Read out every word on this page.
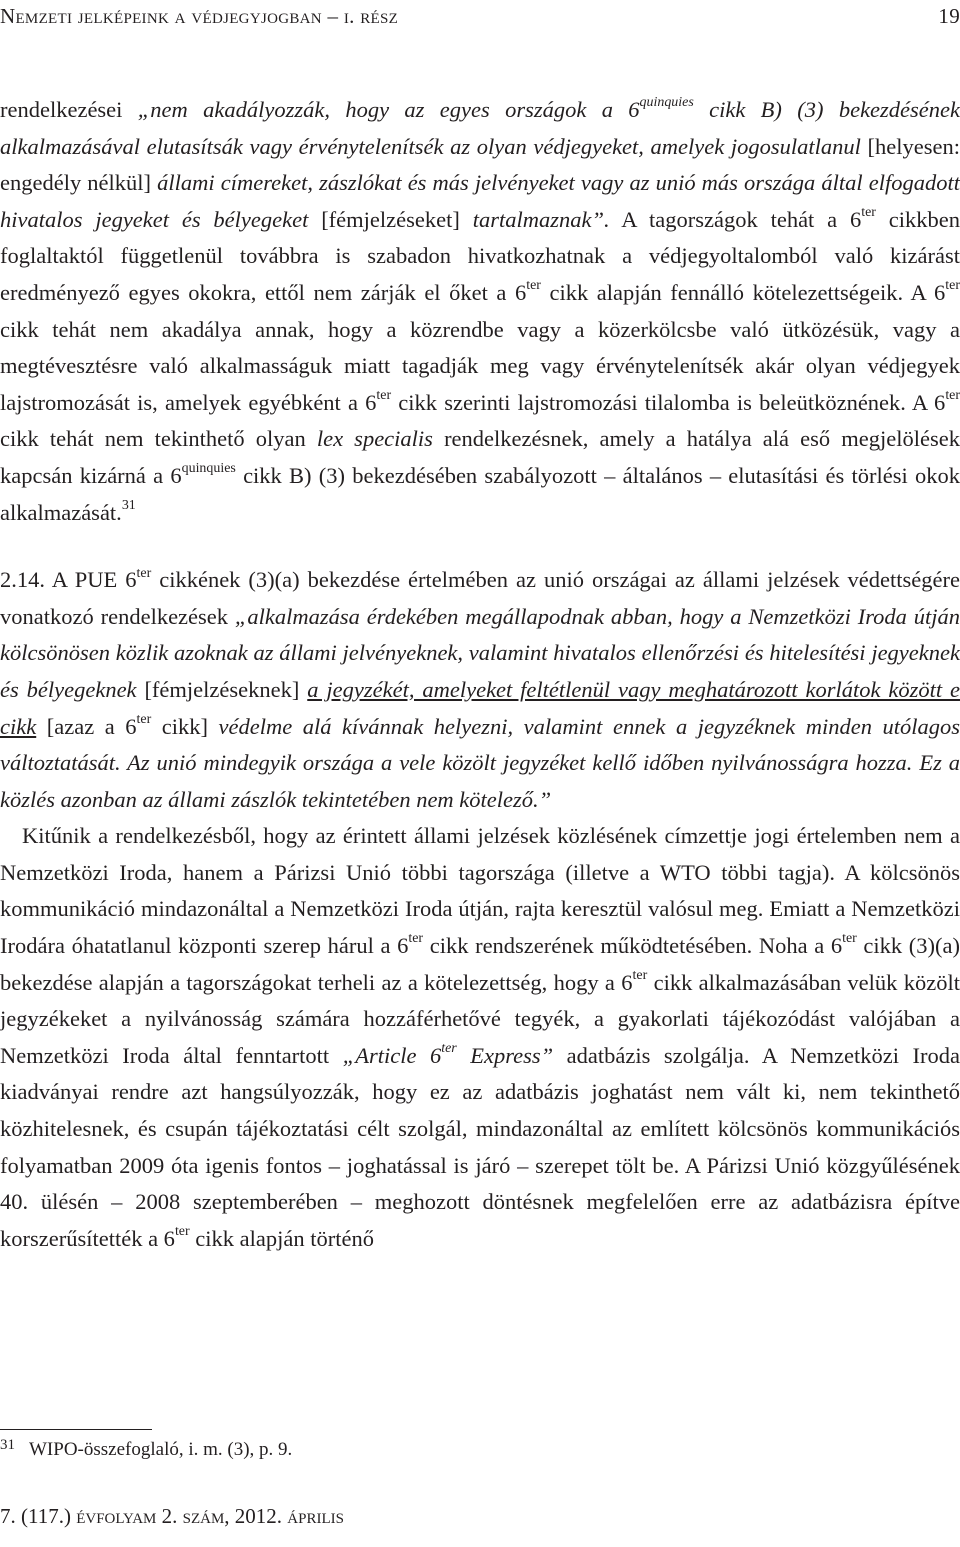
Nemzeti jelképeink a védjegyjogban – i. rész	19

rendelkezései „nem akadályozzák, hogy az egyes országok a $6^{quinquies}$ cikk B) (3) bekezdésének alkalmazásával elutasítsák vagy érvénytelenítsék az olyan védjegyeket, amelyek jogosulatlanul [helyesen: engedély nélkül] állami címereket, zászlókat és más jelvényeket vagy az unió más országa által elfogadott hivatalos jegyeket és bélyegeket [fémjelzéseket] tartalmaznak”. A tagországok tehát a $6^{ter}$ cikkben foglaltaktól függetlenül továbbra is szabadon hivatkozhatnak a védjegyoltalomból való kizárást eredményező egyes okokra, ettől nem zárják el őket a $6^{ter}$ cikk alapján fennálló kötelezettségeik. A $6^{ter}$ cikk tehát nem akadálya annak, hogy a közrendbe vagy a közerkölcsbe való ütközésük, vagy a megtévesztésre való alkalmasságuk miatt tagadják meg vagy érvénytelenítsék akár olyan védjegyek lajstromozását is, amelyek egyébként a $6^{ter}$ cikk szerinti lajstromozási tilalomba is beleütköznének. A $6^{ter}$ cikk tehát nem tekinthető olyan lex specialis rendelkezésnek, amely a hatálya alá eső megjelölések kapcsán kizárná a $6^{quinquies}$ cikk B) (3) bekezdésében szabályozott – általános – elutasítási és törlési okok alkalmazását.$^{31}$

2.14. A PUE $6^{ter}$ cikkének (3)(a) bekezdése értelmében az unió országai az állami jelzések védettségére vonatkozó rendelkezések „alkalmazása érdekében megállapodnak abban, hogy a Nemzetközi Iroda útján kölcsönösen közlik azoknak az állami jelvényeknek, valamint hivatalos ellenőrzési és hitelesítési jegyeknek és bélyegeknek [fémjelzéseknek] a jegyzékét, amelyeket feltétlenül vagy meghatározott korlátok között e cikk [azaz a $6^{ter}$ cikk] védelme alá kívánnak helyezni, valamint ennek a jegyzéknek minden utólagos változtatását. Az unió mindegyik országa a vele közölt jegyzéket kellő időben nyilvánosságra hozza. Ez a közlés azonban az állami zászlók tekintetében nem kötelező.”

Kitűnik a rendelkezésből, hogy az érintett állami jelzések közlésének címzettje jogi értelemben nem a Nemzetközi Iroda, hanem a Párizsi Unió többi tagországa (illetve a WTO többi tagja). A kölcsönös kommunikáció mindazonáltal a Nemzetközi Iroda útján, rajta keresztül valósul meg. Emiatt a Nemzetközi Irodára óhatatlanul központi szerep hárul a $6^{ter}$ cikk rendszerének működtetésében. Noha a $6^{ter}$ cikk (3)(a) bekezdése alapján a tagországokat terheli az a kötelezettség, hogy a $6^{ter}$ cikk alkalmazásában velük közölt jegyzékeket a nyilvánosság számára hozzáférhetővé tegyék, a gyakorlati tájékozódást valójában a Nemzetközi Iroda által fenntartott „Article $6^{ter}$ Express” adatbázis szolgálja. A Nemzetközi Iroda kiadványai rendre azt hangsúlyozzák, hogy ez az adatbázis joghatást nem vált ki, nem tekinthető közhitelesnek, és csupán tájékoztatási célt szolgál, mindazonáltal az említett kölcsönös kommunikációs folyamatban 2009 óta igenis fontos – joghatással is járó – szerepet tölt be. A Párizsi Unió közgyűlésének 40. ülésén – 2008 szeptemberében – meghozott döntésnek megfelelően erre az adatbázisra építve korszerűsítették a $6^{ter}$ cikk alapján történő

$^{31}$ WIPO-összefoglaló, i. m. (3), p. 9.
7. (117.) évfolyam 2. szám, 2012. április
